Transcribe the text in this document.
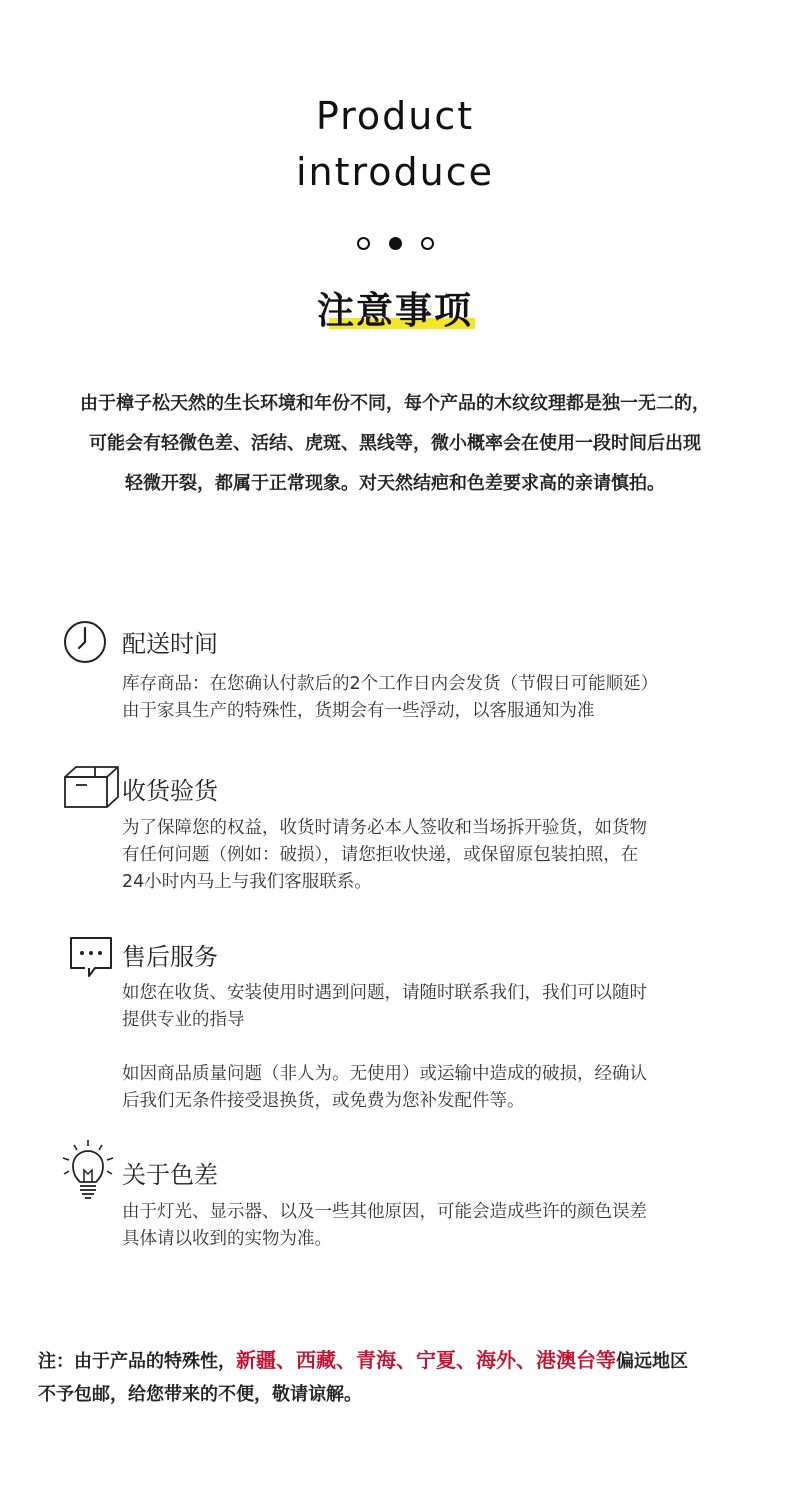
Product
introduce
注意事项

由于樟子松天然的生长环境和年份不同，每个产品的木纹纹理都是独一无二的，

可能会有轻微色差、活结、虎斑、黑线等，微小概率会在使用一段时间后出现

轻微开裂，都属于正常现象。对天然结疤和色差要求高的亲请慎拍。

配送时间

库存商品：在您确认付款后的2个工作日内会发货（节假日可能顺延）

由于家具生产的特殊性，货期会有一些浮动，以客服通知为准

收货验货

为了保障您的权益，收货时请务必本人签收和当场拆开验货，如货物

有任何问题（例如：破损），请您拒收快递，或保留原包装拍照，在

24小时内马上与我们客服联系。

售后服务

如您在收货、安装使用时遇到问题，请随时联系我们，我们可以随时

提供专业的指导

如因商品质量问题（非人为。无使用）或运输中造成的破损，经确认

后我们无条件接受退换货，或免费为您补发配件等。

关于色差

由于灯光、显示器、以及一些其他原因，可能会造成些许的颜色误差

具体请以收到的实物为准。

注：由于产品的特殊性，新疆、西藏、青海、宁夏、海外、港澳台等偏远地区
不予包邮，给您带来的不便，敬请谅解。
